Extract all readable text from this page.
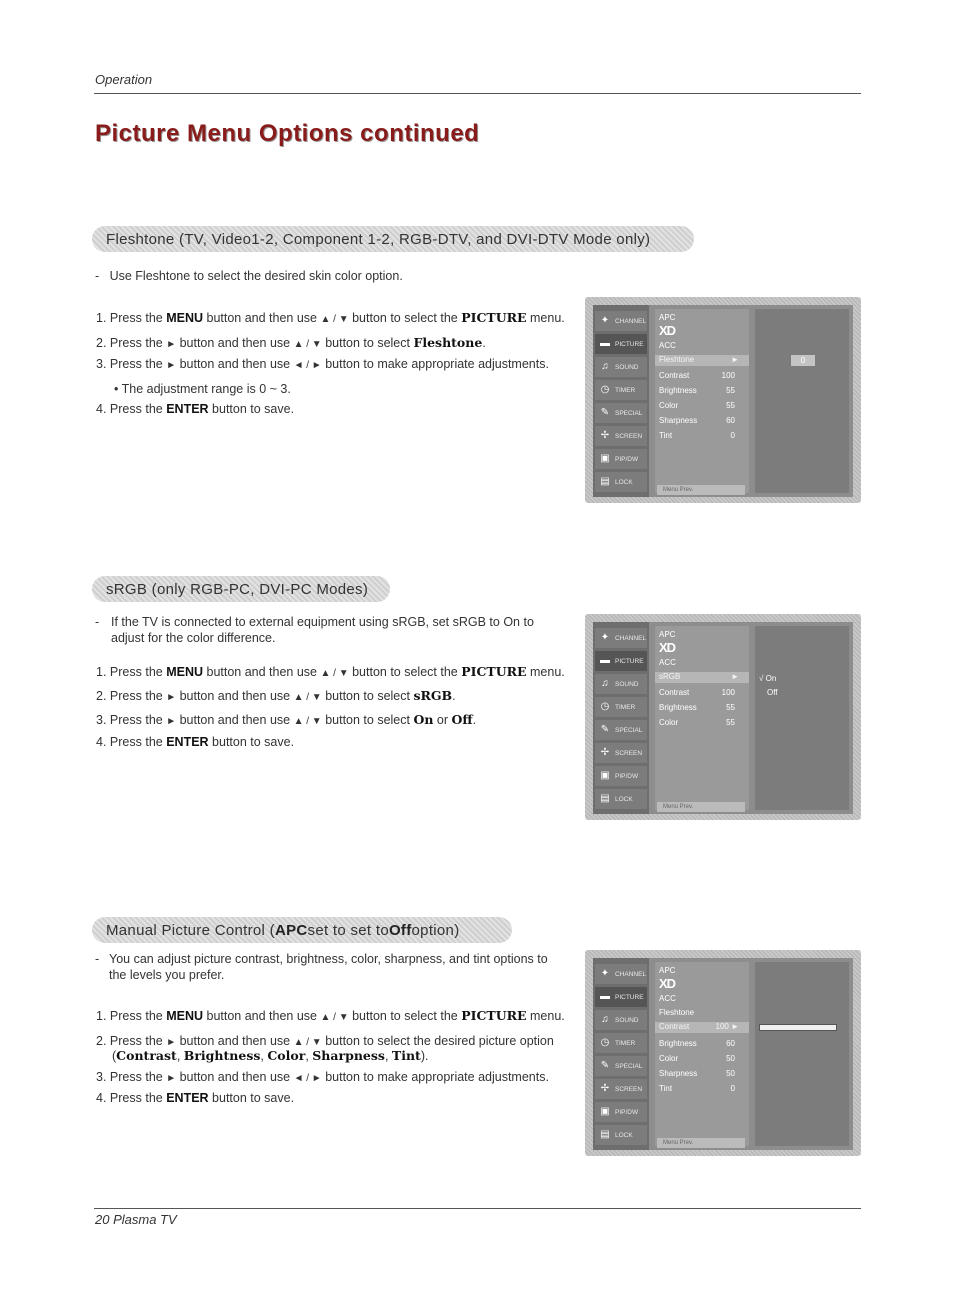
Operation
Picture Menu Options continued
Fleshtone (TV, Video1-2, Component 1-2, RGB-DTV, and DVI-DTV Mode only)
- Use Fleshtone to select the desired skin color option.
1. Press the MENU button and then use ▲ / ▼ button to select the PICTURE menu.
2. Press the ► button and then use ▲ / ▼ button to select Fleshtone.
3. Press the ► button and then use ◄ / ► button to make appropriate adjustments.
• The adjustment range is 0 ~ 3.
4. Press the ENTER button to save.
✦ CHANNEL
▬ PICTURE
♫ SOUND
◷ TIMER
✎ SPECIAL
✢ SCREEN
▣ PIP/DW
▤ LOCK
APC
XD
ACC
Fleshtone	►
Contrast	100
Brightness	55
Color	55
Sharpness	60
Tint	0
0
Menu Prev.
sRGB (only RGB-PC, DVI-PC Modes)
- If the TV is connected to external equipment using sRGB, set sRGB to On to adjust for the color difference.
1. Press the MENU button and then use ▲ / ▼ button to select the PICTURE menu.
2. Press the ► button and then use ▲ / ▼ button to select sRGB.
3. Press the ► button and then use ▲ / ▼ button to select On or Off.
4. Press the ENTER button to save.
✦ CHANNEL
▬ PICTURE
♫ SOUND
◷ TIMER
✎ SPECIAL
✢ SCREEN
▣ PIP/DW
▤ LOCK
APC
XD
ACC
sRGB	►
Contrast	100
Brightness	55
Color	55
√ On
Off
Menu Prev.
Manual Picture Control ( APC set to set to Off option)
- You can adjust picture contrast, brightness, color, sharpness, and tint options to the levels you prefer.
1. Press the MENU button and then use ▲ / ▼ button to select the PICTURE menu.
2. Press the ► button and then use ▲ / ▼ button to select the desired picture option
(Contrast, Brightness, Color, Sharpness, Tint).
3. Press the ► button and then use ◄ / ► button to make appropriate adjustments.
4. Press the ENTER button to save.
✦ CHANNEL
▬ PICTURE
♫ SOUND
◷ TIMER
✎ SPECIAL
✢ SCREEN
▣ PIP/DW
▤ LOCK
APC
XD
ACC
Fleshtone
Contrast	100 ►
Brightness	60
Color	50
Sharpness	50
Tint	0
Menu Prev.
20 Plasma TV
